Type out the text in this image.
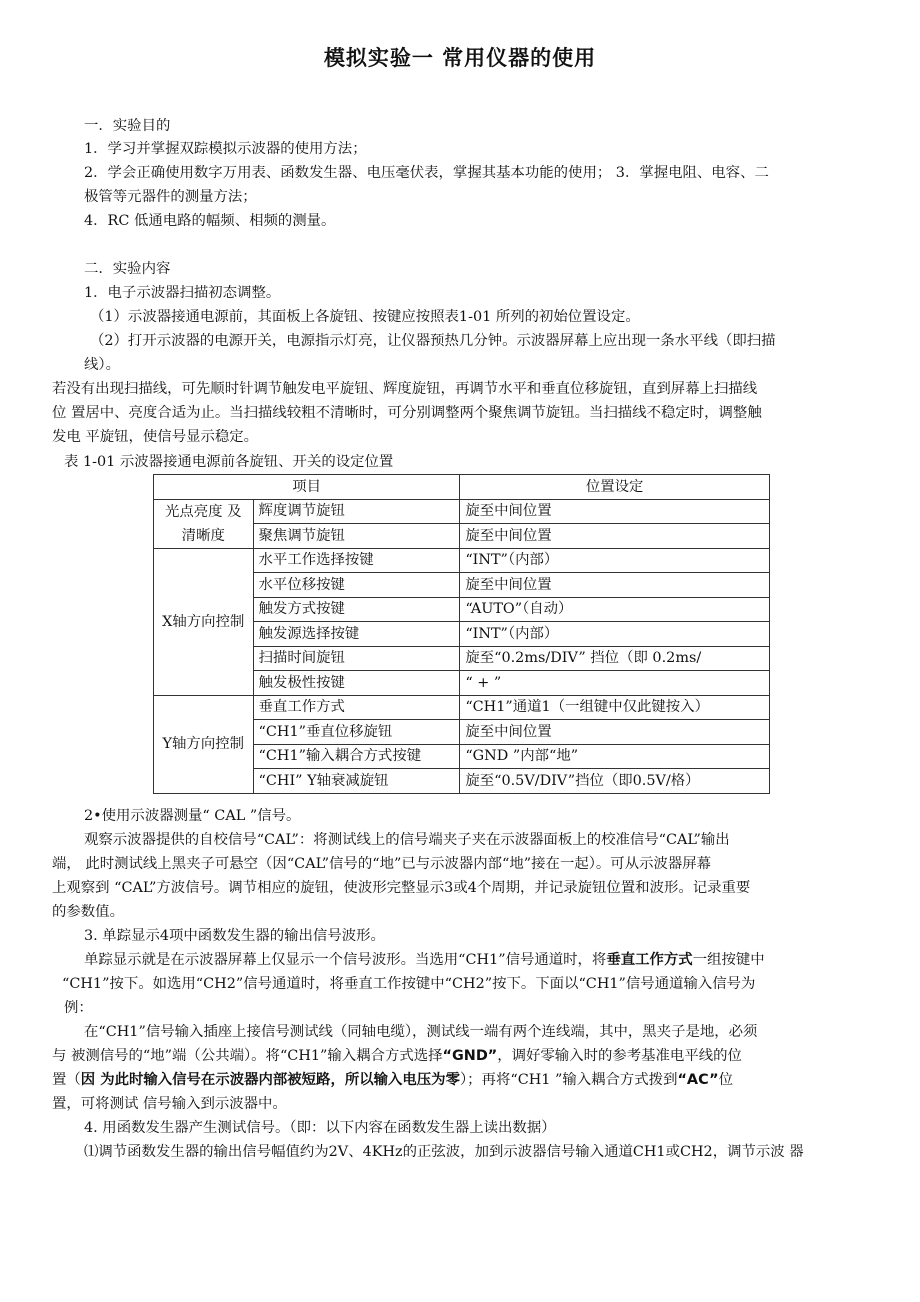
模拟实验一 常用仪器的使用
一．实验目的
1．学习并掌握双踪模拟示波器的使用方法；
2．学会正确使用数字万用表、函数发生器、电压毫伏表，掌握其基本功能的使用； 3．掌握电阻、电容、二
极管等元器件的测量方法；
4．RC 低通电路的幅频、相频的测量。
二．实验内容
1．电子示波器扫描初态调整。
（1）示波器接通电源前，其面板上各旋钮、按键应按照表1-01 所列的初始位置设定。
（2）打开示波器的电源开关，电源指示灯亮，让仪器预热几分钟。示波器屏幕上应出现一条水平线（即扫描
线）。
若没有出现扫描线，可先顺时针调节触发电平旋钮、辉度旋钮，再调节水平和垂直位移旋钮，直到屏幕上扫描线
位 置居中、亮度合适为止。当扫描线较粗不清晰时，可分别调整两个聚焦调节旋钮。当扫描线不稳定时，调整触
发电 平旋钮，使信号显示稳定。
表 1-01 示波器接通电源前各旋钮、开关的设定位置
项目		位置设定
光点亮度 及清晰度	辉度调节旋钮	旋至中间位置
	聚焦调节旋钮	旋至中间位置
X轴方向控制	水平工作选择按键	“INT”（内部）
	水平位移按键	旋至中间位置
	触发方式按键	“AUTO”（自动）
	触发源选择按键	“INT”（内部）
	扫描时间旋钮	旋至“0.2ms/DIV” 挡位（即 0.2ms/
	触发极性按键	“ + ”
Y轴方向控制	垂直工作方式	“CH1”通道1（一组键中仅此键按入）
	“CH1”垂直位移旋钮	旋至中间位置
	“CH1”输入耦合方式按键	“GND ”内部“地”
	“CHI” Y轴衰减旋钮	旋至“0.5V/DIV”挡位（即0.5V/格）
2•使用示波器测量“ CAL ”信号。
观察示波器提供的自校信号“CAL”：将测试线上的信号端夹子夹在示波器面板上的校准信号“CAL”输出
端， 此时测试线上黑夹子可悬空（因“CAL”信号的“地”已与示波器内部“地”接在一起）。可从示波器屏幕
上观察到 “CAL”方波信号。调节相应的旋钮，使波形完整显示3或4个周期，并记录旋钮位置和波形。记录重要
的参数值。
3. 单踪显示4项中函数发生器的输出信号波形。
单踪显示就是在示波器屏幕上仅显示一个信号波形。当选用“CH1”信号通道时，将垂直工作方式一组按键中
“CH1”按下。如选用“CH2”信号通道时，将垂直工作按键中“CH2”按下。下面以“CH1”信号通道输入信号为
例：
在“CH1”信号输入插座上接信号测试线（同轴电缆），测试线一端有两个连线端，其中，黑夹子是地，必须
与 被测信号的“地”端（公共端）。将“CH1”输入耦合方式选择“GND”，调好零输入时的参考基准电平线的位
置（因 为此时输入信号在示波器内部被短路，所以输入电压为零）；再将“CH1 ”输入耦合方式拨到“AC”位
置，可将测试 信号输入到示波器中。
4. 用函数发生器产生测试信号。（即：以下内容在函数发生器上读出数据）
⑴调节函数发生器的输出信号幅值约为2V、4KHz的正弦波，加到示波器信号输入通道CH1或CH2，调节示波 器
